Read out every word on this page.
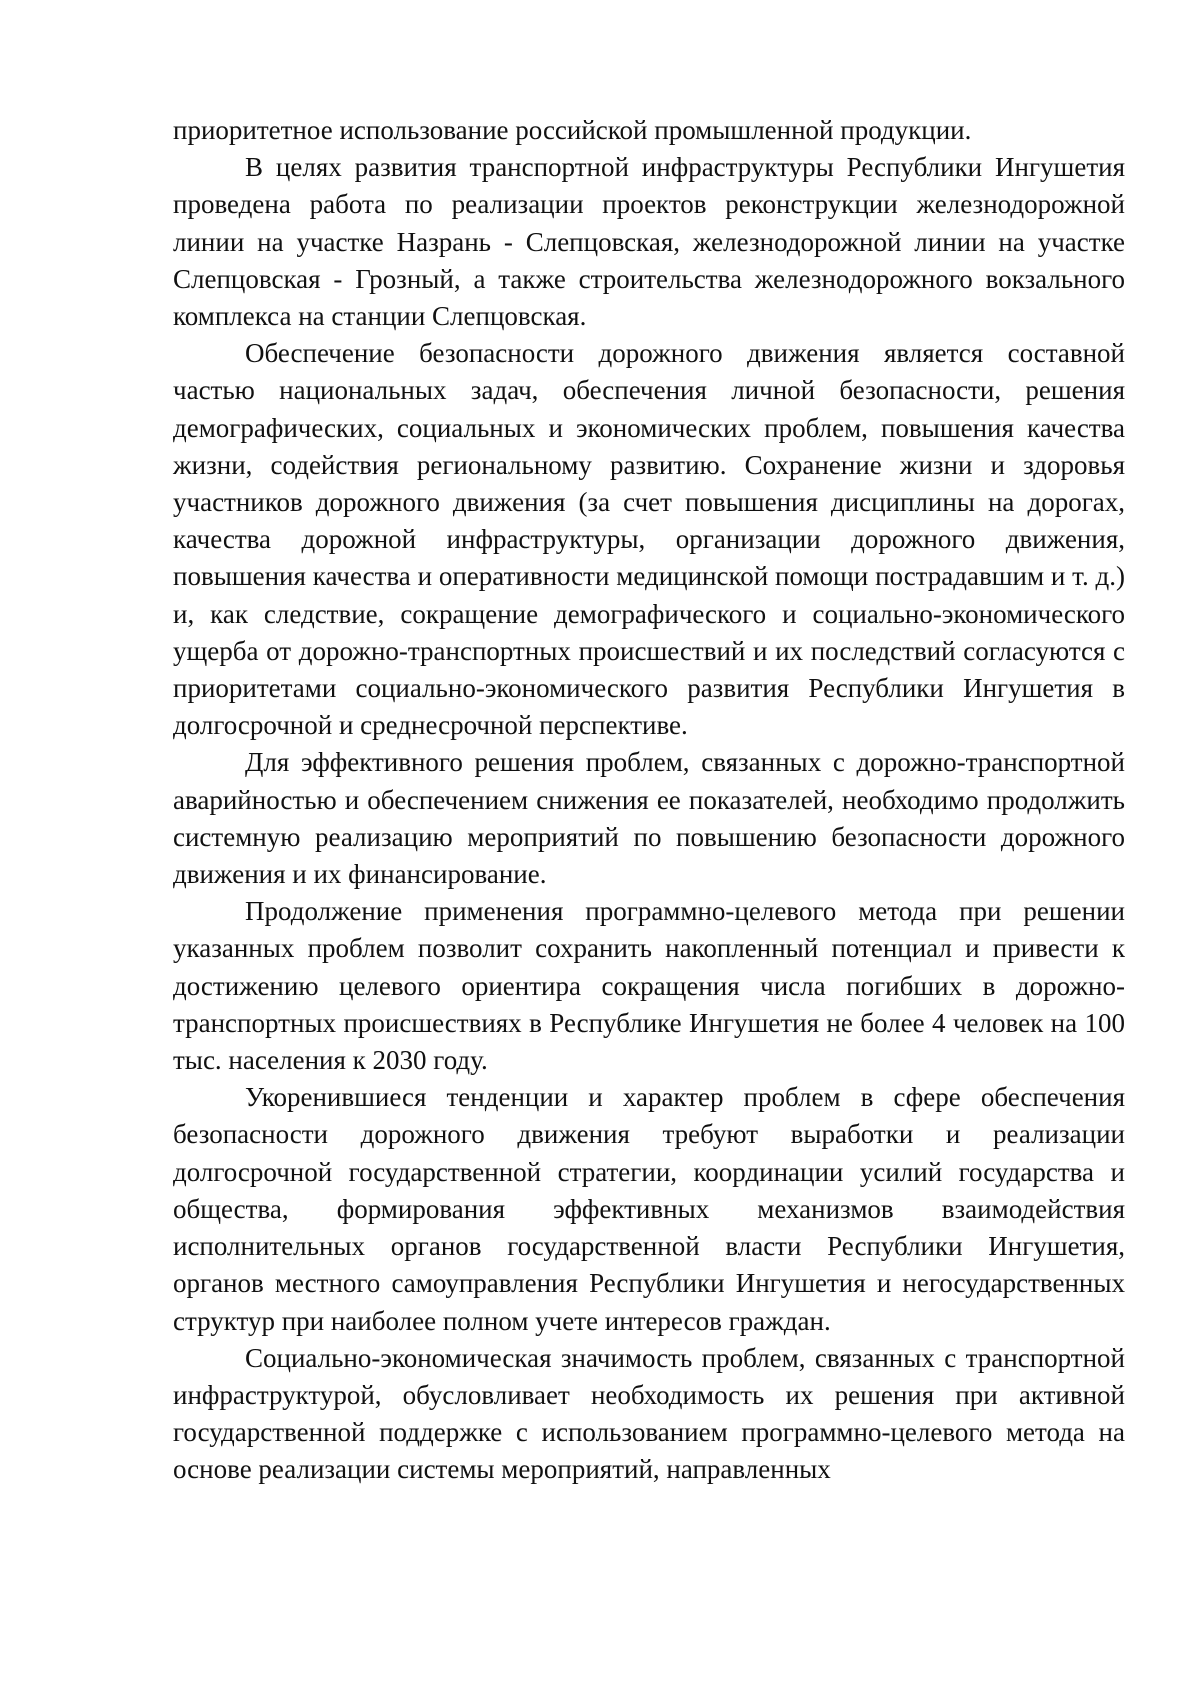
приоритетное использование российской промышленной продукции.

В целях развития транспортной инфраструктуры Республики Ингушетия проведена работа по реализации проектов реконструкции железнодорожной линии на участке Назрань - Слепцовская, железнодорожной линии на участке Слепцовская - Грозный, а также строительства железнодорожного вокзального комплекса на станции Слепцовская.

Обеспечение безопасности дорожного движения является составной частью национальных задач, обеспечения личной безопасности, решения демографических, социальных и экономических проблем, повышения качества жизни, содействия региональному развитию. Сохранение жизни и здоровья участников дорожного движения (за счет повышения дисциплины на дорогах, качества дорожной инфраструктуры, организации дорожного движения, повышения качества и оперативности медицинской помощи пострадавшим и т. д.) и, как следствие, сокращение демографического и социально-экономического ущерба от дорожно-транспортных происшествий и их последствий согласуются с приоритетами социально-экономического развития Республики Ингушетия в долгосрочной и среднесрочной перспективе.

Для эффективного решения проблем, связанных с дорожно-транспортной аварийностью и обеспечением снижения ее показателей, необходимо продолжить системную реализацию мероприятий по повышению безопасности дорожного движения и их финансирование.

Продолжение применения программно-целевого метода при решении указанных проблем позволит сохранить накопленный потенциал и привести к достижению целевого ориентира сокращения числа погибших в дорожно-транспортных происшествиях в Республике Ингушетия не более 4 человек на 100 тыс. населения к 2030 году.

Укоренившиеся тенденции и характер проблем в сфере обеспечения безопасности дорожного движения требуют выработки и реализации долгосрочной государственной стратегии, координации усилий государства и общества, формирования эффективных механизмов взаимодействия исполнительных органов государственной власти Республики Ингушетия, органов местного самоуправления Республики Ингушетия и негосударственных структур при наиболее полном учете интересов граждан.

Социально-экономическая значимость проблем, связанных с транспортной инфраструктурой, обусловливает необходимость их решения при активной государственной поддержке с использованием программно-целевого метода на основе реализации системы мероприятий, направленных
